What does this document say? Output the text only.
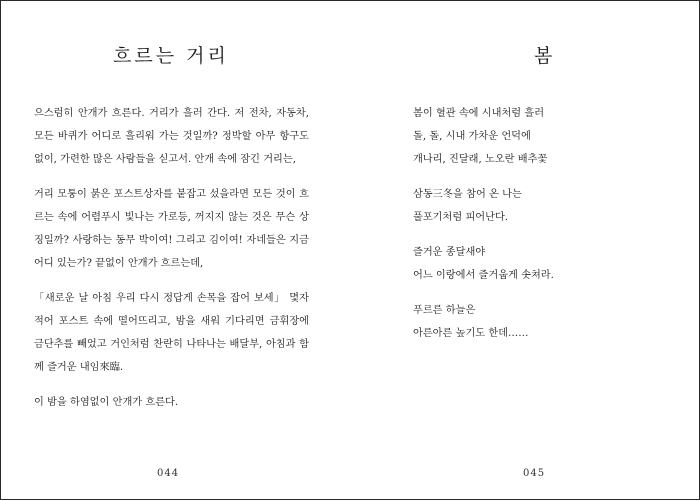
흐르는 거리

으스럼히 안개가 흐른다. 거리가 흘러 간다. 저 전차, 자동차, 모든 바퀴가 어디로 흘리워 가는 것일까? 정박할 아무 항구도 없이, 가련한 많은 사람들을 싣고서. 안개 속에 잠긴 거리는,

거리 모퉁이 붉은 포스트상자를 붙잡고 섰을라면 모든 것이 흐르는 속에 어렴푸시 빛나는 가로등, 꺼지지 않는 것은 무슨 상징일까? 사랑하는 동무 박이여! 그리고 김이여! 자네들은 지금 어디 있는가? 끝없이 안개가 흐르는데,

「새로운 날 아침 우리 다시 정답게 손목을 잡어 보세」 몇자 적어 포스트 속에 떨어뜨리고, 밤을 새워 기다리면 금휘장에 금단추를 빼었고 거인처럼 찬란히 나타나는 배달부, 아침과 함께 즐거운 내임來臨.

이 밤을 하염없이 안개가 흐른다.

044
봄
봄이 혈관 속에 시내처럼 흘러
돌, 돌, 시내 가차운 언덕에
개나리, 진달래, 노오란 배추꽃
삼동三冬을 참어 온 나는
풀포기처럼 피어난다.
즐거운 종달새야
어느 이랑에서 즐거웁게 솟쳐라.
푸르른 하늘은
아른아른 높기도 한데……
045
